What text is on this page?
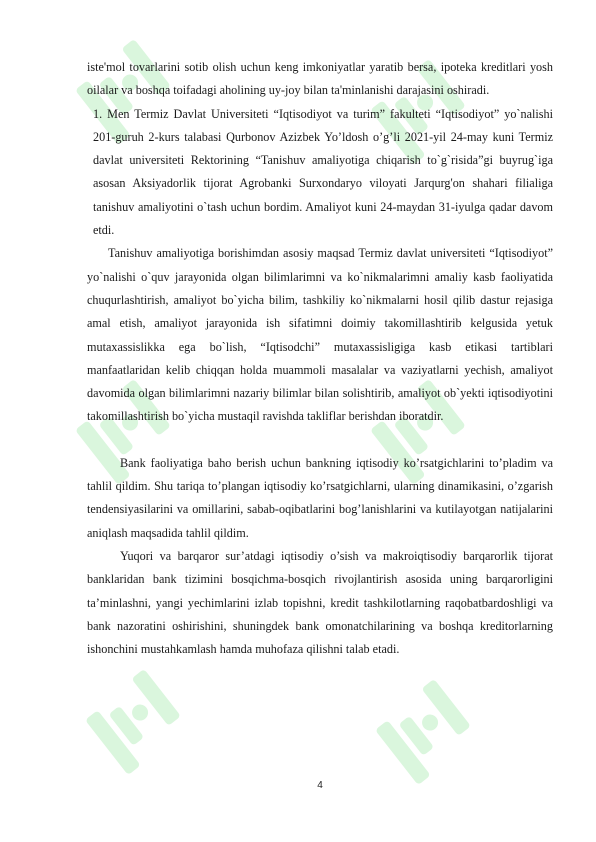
iste'mol tovarlarini sotib olish uchun keng imkoniyatlar yaratib bersa, ipoteka kreditlari yosh oilalar va boshqa toifadagi aholining uy-joy bilan ta'minlanishi darajasini oshiradi.

1. Men Termiz Davlat Universiteti “Iqtisodiyot va turim” fakulteti “Iqtisodiyot” yo`nalishi 201-guruh 2-kurs talabasi Qurbonov Azizbek Yo’ldosh o’g’li 2021-yil 24-may kuni Termiz davlat universiteti Rektorining “Tanishuv amaliyotiga chiqarish to`g`risida”gi buyrug`iga asosan Aksiyadorlik tijorat Agrobanki Surxondaryo viloyati Jarqurg'on shahari filialiga tanishuv amaliyotini o`tash uchun bordim. Amaliyot kuni 24-maydan 31-iyulga qadar davom etdi.

Tanishuv amaliyotiga borishimdan asosiy maqsad Termiz davlat universiteti “Iqtisodiyot” yo`nalishi o`quv jarayonida olgan bilimlarimni va ko`nikmalarimni amaliy kasb faoliyatida chuqurlashtirish, amaliyot bo`yicha bilim, tashkiliy ko`nikmalarni hosil qilib dastur rejasiga amal etish, amaliyot jarayonida ish sifatimni doimiy takomillashtirib kelgusida yetuk mutaxassislikka ega bo`lish, “Iqtisodchi” mutaxassisligiga kasb etikasi tartiblari manfaatlaridan kelib chiqqan holda muammoli masalalar va vaziyatlarni yechish, amaliyot davomida olgan bilimlarimni nazariy bilimlar bilan solishtirib, amaliyot ob`yekti iqtisodiyotini takomillashtirish bo`yicha mustaqil ravishda takliflar berishdan iboratdir.

Bank faoliyatiga baho berish uchun bankning iqtisodiy ko’rsatgichlarini to’pladim va tahlil qildim. Shu tariqa to’plangan iqtisodiy ko’rsatgichlarni, ularning dinamikasini, o’zgarish tendensiyasilarini va omillarini, sabab-oqibatlarini bog’lanishlarini va kutilayotgan natijalarini aniqlash maqsadida tahlil qildim.

Yuqori va barqaror sur’atdagi iqtisodiy o’sish va makroiqtisodiy barqarorlik tijorat banklaridan bank tizimini bosqichma-bosqich rivojlantirish asosida uning barqarorligini ta’minlashni, yangi yechimlarini izlab topishni, kredit tashkilotlarning raqobatbardoshligi va bank nazoratini oshirishini, shuningdek bank omonatchilarining va boshqa kreditorlarning ishonchini mustahkamlash hamda muhofaza qilishni talab etadi.

4
